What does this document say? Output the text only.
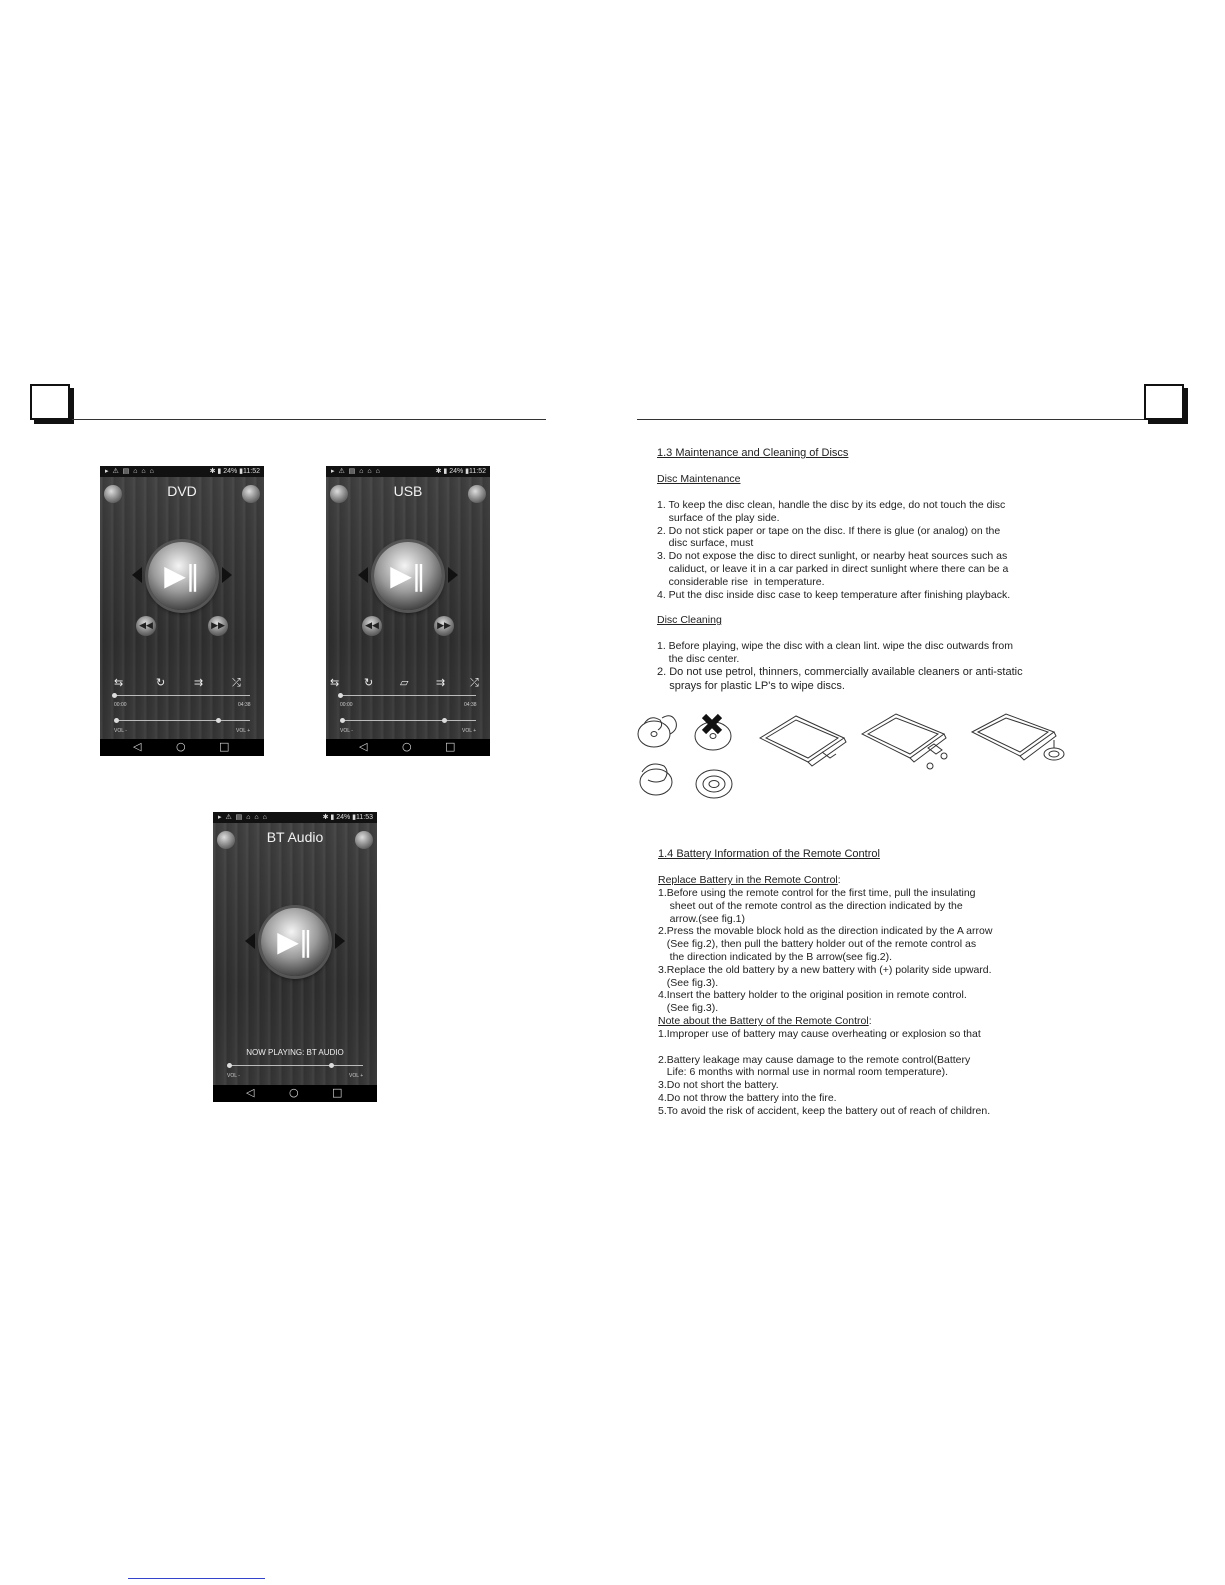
▸ ⚠ ▤ ⌂ ⌂ ⌂	✱ ▮ 24% ▮11:52
DVD
▶‖
◀◀	▶▶
⇆	↻	⇉	⤮
00:00	04:38
VOL -	VOL +
◁	○	□
▸ ⚠ ▤ ⌂ ⌂ ⌂	✱ ▮ 24% ▮11:52
USB
▶‖
◀◀	▶▶
⇆ ↻ ▱	⇉ ⤮
00:00	04:38
VOL -	VOL +
◁	○	□
▸ ⚠ ▤ ⌂ ⌂ ⌂	✱ ▮ 24% ▮11:53
BT Audio
▶‖
NOW PLAYING: BT AUDIO
VOL -	VOL +
◁	○	□
1.3 Maintenance and Cleaning of Discs
Disc Maintenance
1. To keep the disc clean, handle the disc by its edge, do not touch the disc
surface of the play side.
2. Do not stick paper or tape on the disc. If there is glue (or analog) on the
disc surface, must
3. Do not expose the disc to direct sunlight, or nearby heat sources such as
caliduct, or leave it in a car parked in direct sunlight where there can be a
considerable rise  in temperature.
4. Put the disc inside disc case to keep temperature after finishing playback.
Disc Cleaning
1. Before playing, wipe the disc with a clean lint. wipe the disc outwards from
the disc center.
2. Do not use petrol, thinners, commercially available cleaners or anti-static
sprays for plastic LP's to wipe discs.
1.4 Battery Information of the Remote Control
Replace Battery in the Remote Control:
1.Before using the remote control for the first time, pull the insulating
sheet out of the remote control as the direction indicated by the
arrow.(see fig.1)
2.Press the movable block hold as the direction indicated by the A arrow
(See fig.2), then pull the battery holder out of the remote control as
the direction indicated by the B arrow(see fig.2).
3.Replace the old battery by a new battery with (+) polarity side upward.
(See fig.3).
4.Insert the battery holder to the original position in remote control.
(See fig.3).
Note about the Battery of the Remote Control:
1.Improper use of battery may cause overheating or explosion so that
2.Battery leakage may cause damage to the remote control(Battery
Life: 6 months with normal use in normal room temperature).
3.Do not short the battery.
4.Do not throw the battery into the fire.
5.To avoid the risk of accident, keep the battery out of reach of children.
